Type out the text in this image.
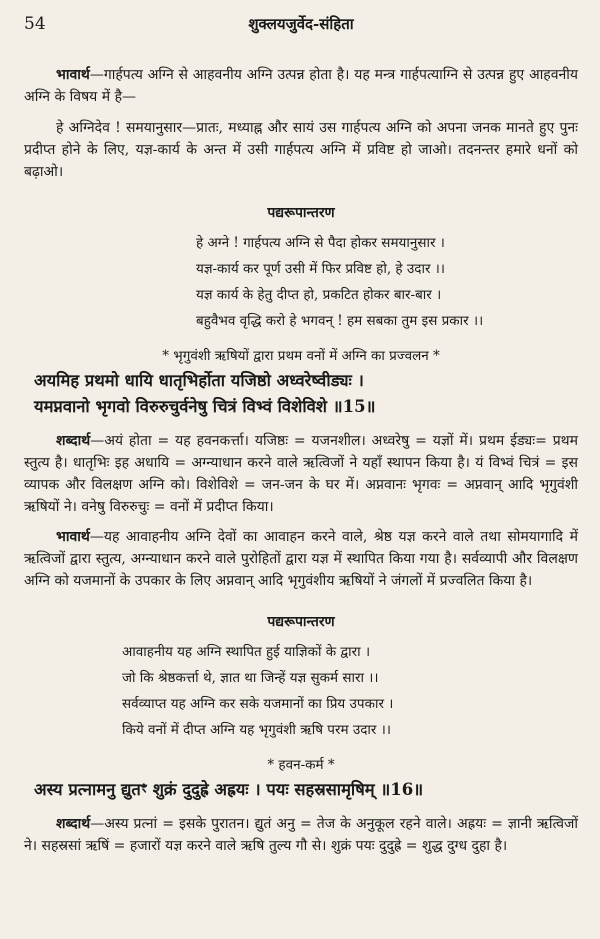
54	शुक्लयजुर्वेद-संहिता

भावार्थ—गार्हपत्य अग्नि से आहवनीय अग्नि उत्पन्न होता है। यह मन्त्र गार्हपत्याग्नि से उत्पन्न हुए आहवनीय अग्नि के विषय में है—

हे अग्निदेव ! समयानुसार—प्रातः, मध्याह्न और सायं उस गार्हपत्य अग्नि को अपना जनक मानते हुए पुनः प्रदीप्त होने के लिए, यज्ञ-कार्य के अन्त में उसी गार्हपत्य अग्नि में प्रविष्ट हो जाओ। तदनन्तर हमारे धनों को बढ़ाओ।

पद्यरूपान्तरण
हे अग्ने ! गार्हपत्य अग्नि से पैदा होकर समयानुसार ।
यज्ञ-कार्य कर पूर्ण उसी में फिर प्रविष्ट हो, हे उदार ।।
यज्ञ कार्य के हेतु दीप्त हो, प्रकटित होकर बार-बार ।
बहुवैभव वृद्धि करो हे भगवन् ! हम सबका तुम इस प्रकार ।।
* भृगुवंशी ऋषियों द्वारा प्रथम वनों में अग्नि का प्रज्वलन *
अयमिह प्रथमो धायि धातृभिर्होता यजिष्ठो अध्वरेष्वीड्यः ।
यमप्नवानो भृगवो विरुरुचुर्वनेषु चित्रं विभ्वं विशेविशे ॥15॥

शब्दार्थ—अयं होता = यह हवनकर्त्ता। यजिष्ठः = यजनशील। अध्वरेषु = यज्ञों में। प्रथम ईड्यः= प्रथम स्तुत्य है। धातृभिः इह अधायि = अग्न्याधान करने वाले ऋत्विजों ने यहाँ स्थापन किया है। यं विभ्वं चित्रं = इस व्यापक और विलक्षण अग्नि को। विशेविशे = जन-जन के घर में। अप्नवानः भृगवः = अप्नवान् आदि भृगुवंशी ऋषियों ने। वनेषु विरुरुचुः = वनों में प्रदीप्त किया।

भावार्थ—यह आवाहनीय अग्नि देवों का आवाहन करने वाले, श्रेष्ठ यज्ञ करने वाले तथा सोमयागादि में ऋत्विजों द्वारा स्तुत्य, अग्न्याधान करने वाले पुरोहितों द्वारा यज्ञ में स्थापित किया गया है। सर्वव्यापी और विलक्षण अग्नि को यजमानों के उपकार के लिए अप्नवान् आदि भृगुवंशीय ऋषियों ने जंगलों में प्रज्वलित किया है।

पद्यरूपान्तरण
आवाहनीय यह अग्नि स्थापित हुई याज्ञिकों के द्वारा ।
जो कि श्रेष्ठकर्त्ता थे, ज्ञात था जिन्हें यज्ञ सुकर्म सारा ।।
सर्वव्याप्त यह अग्नि कर सके यजमानों का प्रिय उपकार ।
किये वनों में दीप्त अग्नि यह भृगुवंशी ऋषि परम उदार ।।
* हवन-कर्म *
अस्य प्रत्नामनु द्युतꣳ शुक्रं दुदुह्रे अह्रयः । पयः सहस्रसामृषिम् ॥16॥

शब्दार्थ—अस्य प्रत्नां = इसके पुरातन। द्युतं अनु = तेज के अनुकूल रहने वाले। अह्रयः = ज्ञानी ऋत्विजों ने। सहस्रसां ऋषिं = हजारों यज्ञ करने वाले ऋषि तुल्य गौ से। शुक्रं पयः दुदुह्रे = शुद्ध दुग्ध दुहा है।
